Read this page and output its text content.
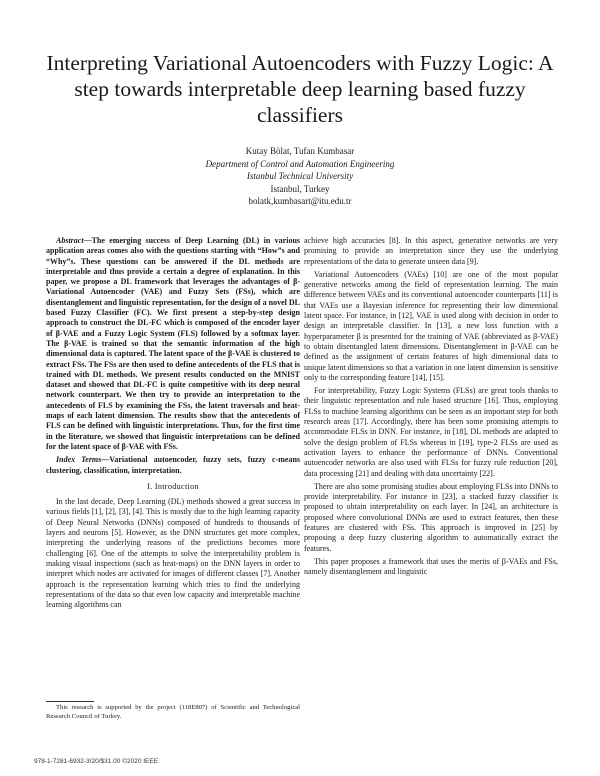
Interpreting Variational Autoencoders with Fuzzy Logic: A step towards interpretable deep learning based fuzzy classifiers
Kutay Bölat, Tufan Kumbasar
Department of Control and Automation Engineering
Istanbul Technical University
Istanbul, Turkey
bolatk,kumbasart@itu.edu.tr

Abstract—The emerging success of Deep Learning (DL) in various application areas comes also with the questions starting with “How”s and “Why”s. These questions can be answered if the DL methods are interpretable and thus provide a certain a degree of explanation. In this paper, we propose a DL framework that leverages the advantages of β-Variational Autoencoder (VAE) and Fuzzy Sets (FSs), which are disentanglement and linguistic representation, for the design of a novel DL based Fuzzy Classifier (FC). We first present a step-by-step design approach to construct the DL-FC which is composed of the encoder layer of β-VAE and a Fuzzy Logic System (FLS) followed by a softmax layer. The β-VAE is trained so that the semantic information of the high dimensional data is captured. The latent space of the β-VAE is clustered to extract FSs. The FSs are then used to define antecedents of the FLS that is trained with DL methods. We present results conducted on the MNIST dataset and showed that DL-FC is quite competitive with its deep neural network counterpart. We then try to provide an interpretation to the antecedents of FLS by examining the FSs, the latent traversals and heat-maps of each latent dimension. The results show that the antecedents of FLS can be defined with linguistic interpretations. Thus, for the first time in the literature, we showed that linguistic interpretations can be defined for the latent space of β-VAE with FSs.

Index Terms—Variational autoencoder, fuzzy sets, fuzzy c-means clustering, classification, interpretation.

I. Introduction

In the last decade, Deep Learning (DL) methods showed a great success in various fields [1], [2], [3], [4]. This is mostly due to the high learning capacity of Deep Neural Networks (DNNs) composed of hundreds to thousands of layers and neurons [5]. However, as the DNN structures get more complex, interpreting the underlying reasons of the predictions becomes more challenging [6]. One of the attempts to solve the interpretability problem is making visual inspections (such as heat-maps) on the DNN layers in order to interpret which nodes are activated for images of different classes [7]. Another approach is the representation learning which tries to find the underlying representations of the data so that even low capacity and interpretable machine learning algorithms can

This research is supported by the project (118E807) of Scientific and Technological Research Council of Turkey.

achieve high accuracies [8]. In this aspect, generative networks are very promising to provide an interpretation since they use the underlying representations of the data to generate unseen data [9].

Variational Autoencoders (VAEs) [10] are one of the most popular generative networks among the field of representation learning. The main difference between VAEs and its conventional autoencoder counterparts [11] is that VAEs use a Bayesian inference for representing their low dimensional latent space. For instance, in [12], VAE is used along with decision in order to design an interpretable classifier. In [13], a new loss function with a hyperparameter β is presented for the training of VAE (abbreviated as β-VAE) to obtain disentangled latent dimensions. Disentanglement in β-VAE can be defined as the assignment of certain features of high dimensional data to unique latent dimensions so that a variation in one latent dimension is sensitive only to the corresponding feature [14], [15].

For interpretability, Fuzzy Logic Systems (FLSs) are great tools thanks to their linguistic representation and rule based structure [16]. Thus, employing FLSs to machine learning algorithms can be seen as an important step for both research areas [17]. Accordingly, there has been some promising attempts to accommodate FLSs in DNN. For instance, in [18], DL methods are adapted to solve the design problem of FLSs whereas in [19], type-2 FLSs are used as activation layers to enhance the performance of DNNs. Conventional autoencoder networks are also used with FLSs for fuzzy rule reduction [20], data processing [21] and dealing with data uncertainty [22].

There are also some promising studies about employing FLSs into DNNs to provide interpretability. For instance in [23], a stacked fuzzy classifier is proposed to obtain interpretability on each layer. In [24], an architecture is proposed where convolutional DNNs are used to extract features, then these features are clustered with FSs. This approach is improved in [25] by proposing a deep fuzzy clustering algorithm to automatically extract the features.

This paper proposes a framework that uses the merits of β-VAEs and FSs, namely disentanglement and linguistic

978-1-7281-6932-3/20/$31.00 ©2020 IEEE
